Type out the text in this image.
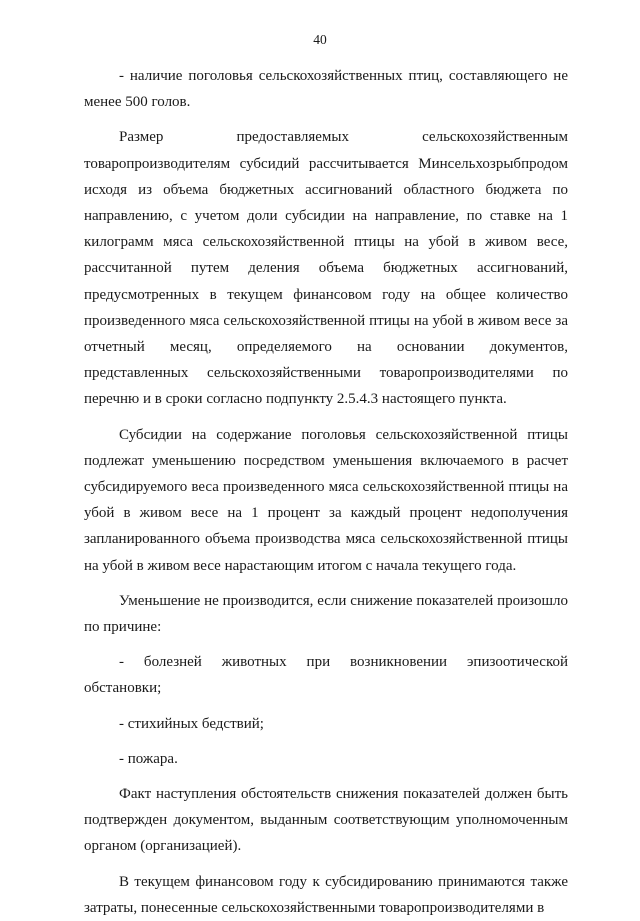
40

- наличие поголовья сельскохозяйственных птиц, составляющего не менее 500 голов.

Размер предоставляемых сельскохозяйственным товаропроизводителям субсидий рассчитывается Минсельхозрыбпродом исходя из объема бюджетных ассигнований областного бюджета по направлению, с учетом доли субсидии на направление, по ставке на 1 килограмм мяса сельскохозяйственной птицы на убой в живом весе, рассчитанной путем деления объема бюджетных ассигнований, предусмотренных в текущем финансовом году на общее количество произведенного мяса сельскохозяйственной птицы на убой в живом весе за отчетный месяц, определяемого на основании документов, представленных сельскохозяйственными товаропроизводителями по перечню и в сроки согласно подпункту 2.5.4.3 настоящего пункта.

Субсидии на содержание поголовья сельскохозяйственной птицы подлежат уменьшению посредством уменьшения включаемого в расчет субсидируемого веса произведенного мяса сельскохозяйственной птицы на убой в живом весе на 1 процент за каждый процент недополучения запланированного объема производства мяса сельскохозяйственной птицы на убой в живом весе нарастающим итогом с начала текущего года.

Уменьшение не производится, если снижение показателей произошло по причине:

- болезней животных при возникновении эпизоотической обстановки;

- стихийных бедствий;

- пожара.

Факт наступления обстоятельств снижения показателей должен быть подтвержден документом, выданным соответствующим уполномоченным органом (организацией).

В текущем финансовом году к субсидированию принимаются также затраты, понесенные сельскохозяйственными товаропроизводителями в
